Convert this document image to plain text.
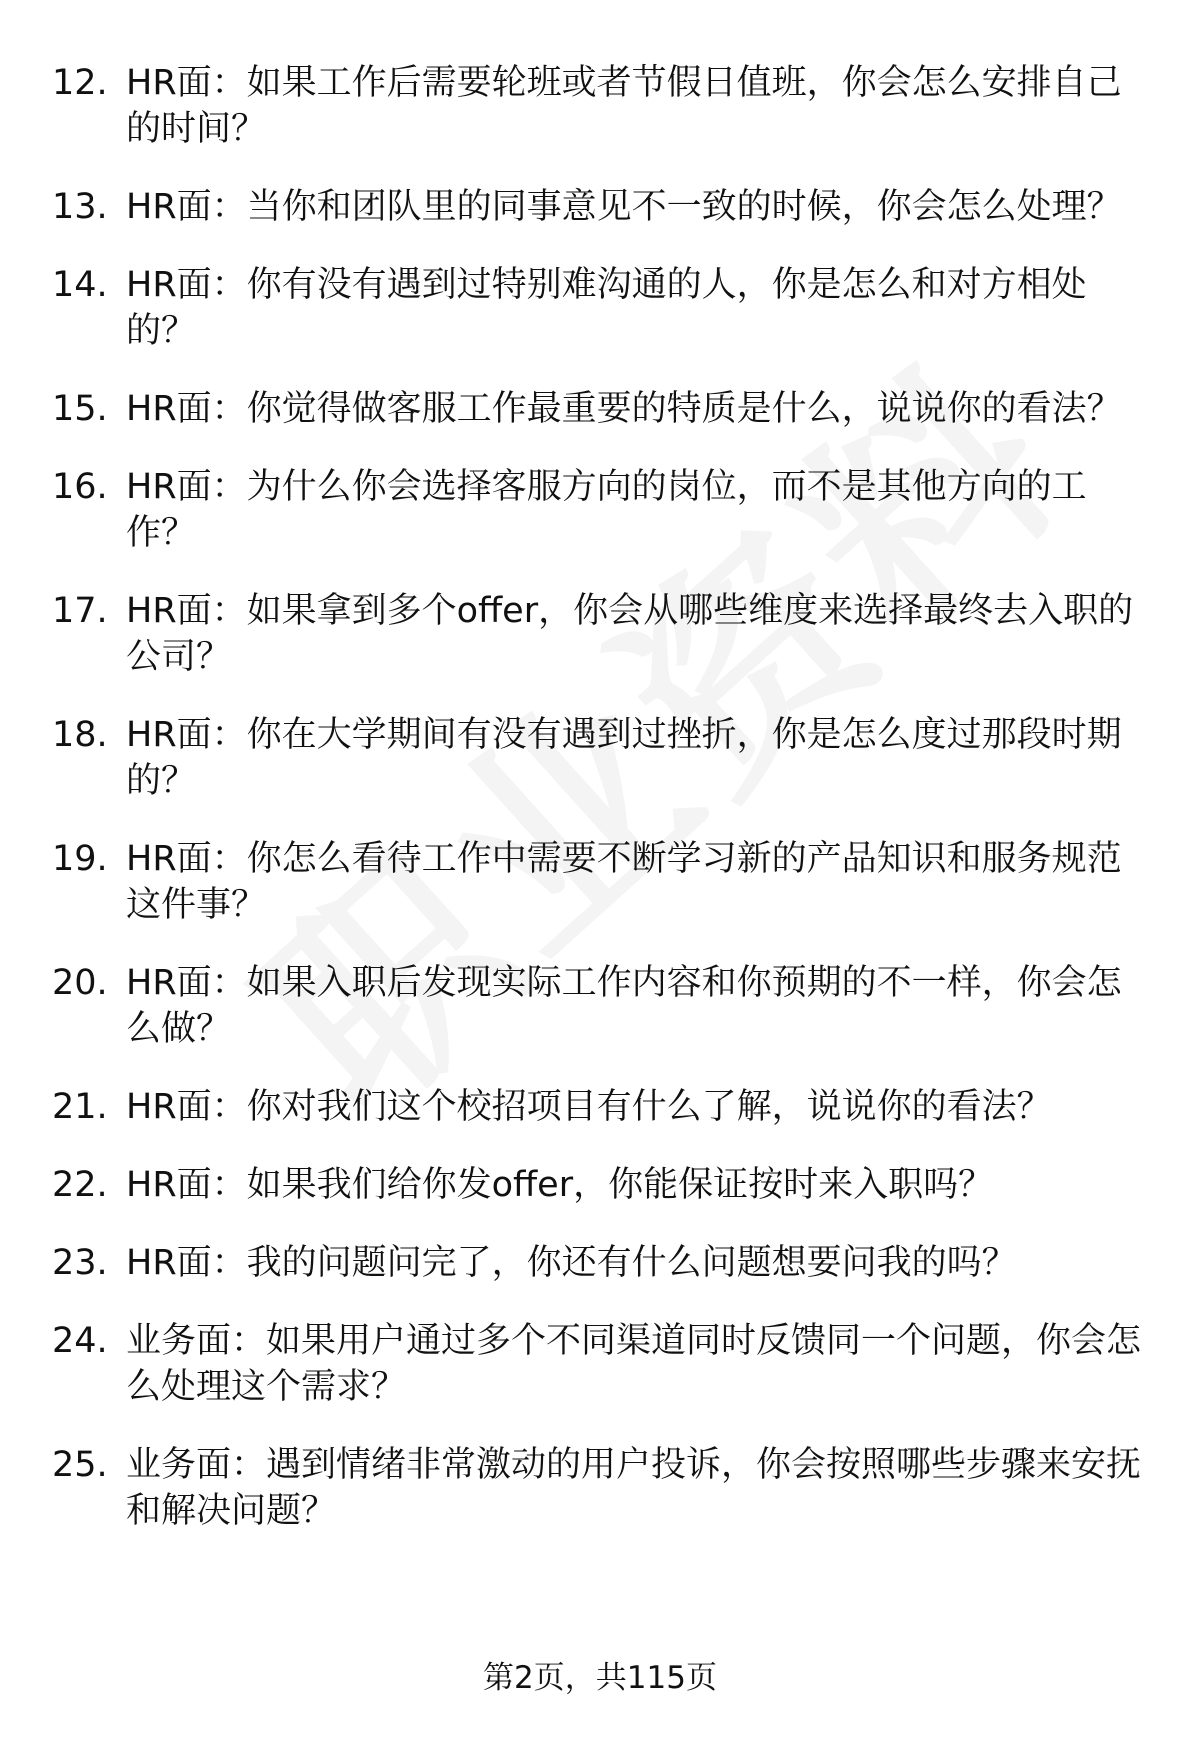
12. HR面：如果工作后需要轮班或者节假日值班，你会怎么安排自己的时间？
13. HR面：当你和团队里的同事意见不一致的时候，你会怎么处理？
14. HR面：你有没有遇到过特别难沟通的人，你是怎么和对方相处的？
15. HR面：你觉得做客服工作最重要的特质是什么，说说你的看法？
16. HR面：为什么你会选择客服方向的岗位，而不是其他方向的工作？
17. HR面：如果拿到多个offer，你会从哪些维度来选择最终去入职的公司？
18. HR面：你在大学期间有没有遇到过挫折，你是怎么度过那段时期的？
19. HR面：你怎么看待工作中需要不断学习新的产品知识和服务规范这件事？
20. HR面：如果入职后发现实际工作内容和你预期的不一样，你会怎么做？
21. HR面：你对我们这个校招项目有什么了解，说说你的看法？
22. HR面：如果我们给你发offer，你能保证按时来入职吗？
23. HR面：我的问题问完了，你还有什么问题想要问我的吗？
24. 业务面：如果用户通过多个不同渠道同时反馈同一个问题，你会怎么处理这个需求？
25. 业务面：遇到情绪非常激动的用户投诉，你会按照哪些步骤来安抚和解决问题？
第2页，共115页
